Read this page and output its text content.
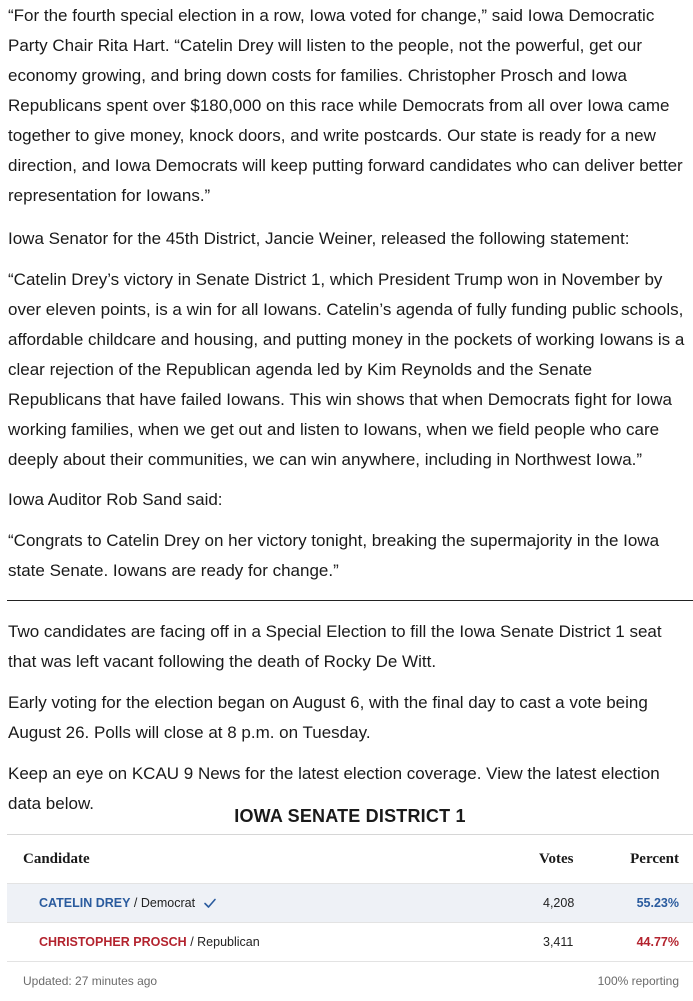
“For the fourth special election in a row, Iowa voted for change,” said Iowa Democratic Party Chair Rita Hart. “Catelin Drey will listen to the people, not the powerful, get our economy growing, and bring down costs for families. Christopher Prosch and Iowa Republicans spent over $180,000 on this race while Democrats from all over Iowa came together to give money, knock doors, and write postcards. Our state is ready for a new direction, and Iowa Democrats will keep putting forward candidates who can deliver better representation for Iowans.”

Iowa Senator for the 45th District, Jancie Weiner, released the following statement:

“Catelin Drey’s victory in Senate District 1, which President Trump won in November by over eleven points, is a win for all Iowans. Catelin’s agenda of fully funding public schools, affordable childcare and housing, and putting money in the pockets of working Iowans is a clear rejection of the Republican agenda led by Kim Reynolds and the Senate Republicans that have failed Iowans. This win shows that when Democrats fight for Iowa working families, when we get out and listen to Iowans, when we field people who care deeply about their communities, we can win anywhere, including in Northwest Iowa.”

Iowa Auditor Rob Sand said:

“Congrats to Catelin Drey on her victory tonight, breaking the supermajority in the Iowa state Senate. Iowans are ready for change.”

Two candidates are facing off in a Special Election to fill the Iowa Senate District 1 seat that was left vacant following the death of Rocky De Witt.

Early voting for the election began on August 6, with the final day to cast a vote being August 26. Polls will close at 8 p.m. on Tuesday.

Keep an eye on KCAU 9 News for the latest election coverage. View the latest election data below.

IOWA SENATE DISTRICT 1
Candidate	Votes	Percent
CATELIN DREY / Democrat	4,208	55.23%
CHRISTOPHER PROSCH / Republican	3,411	44.77%
Updated: 27 minutes ago	100% reporting
